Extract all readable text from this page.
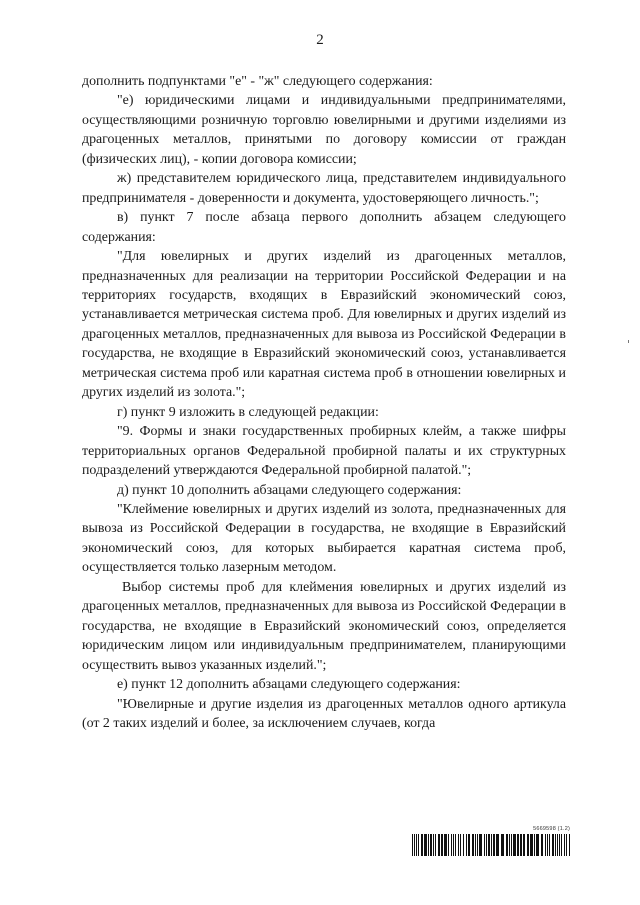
2

дополнить подпунктами "е" - "ж" следующего содержания:

"е) юридическими лицами и индивидуальными предпринимателями, осуществляющими розничную торговлю ювелирными и другими изделиями из драгоценных металлов, принятыми по договору комиссии от граждан (физических лиц), - копии договора комиссии;

ж) представителем юридического лица, представителем индивидуального предпринимателя - доверенности и документа, удостоверяющего личность.";

в) пункт 7 после абзаца первого дополнить абзацем следующего содержания:

"Для ювелирных и других изделий из драгоценных металлов, предназначенных для реализации на территории Российской Федерации и на территориях государств, входящих в Евразийский экономический союз, устанавливается метрическая система проб. Для ювелирных и других изделий из драгоценных металлов, предназначенных для вывоза из Российской Федерации в государства, не входящие в Евразийский экономический союз, устанавливается метрическая система проб или каратная система проб в отношении ювелирных и других изделий из золота.";

г) пункт 9 изложить в следующей редакции:

"9. Формы и знаки государственных пробирных клейм, а также шифры территориальных органов Федеральной пробирной палаты и их структурных подразделений утверждаются Федеральной пробирной палатой.";

д) пункт 10 дополнить абзацами следующего содержания:

"Клеймение ювелирных и других изделий из золота, предназначенных для вывоза из Российской Федерации в государства, не входящие в Евразийский экономический союз, для которых выбирается каратная система проб, осуществляется только лазерным методом.

Выбор системы проб для клеймения ювелирных и других изделий из драгоценных металлов, предназначенных для вывоза из Российской Федерации в государства, не входящие в Евразийский экономический союз, определяется юридическим лицом или индивидуальным предпринимателем, планирующими осуществить вывоз указанных изделий.";

е) пункт 12 дополнить абзацами следующего содержания:

"Ювелирные и другие изделия из драгоценных металлов одного артикула (от 2 таких изделий и более, за исключением случаев, когда

5669598 (1.2)
